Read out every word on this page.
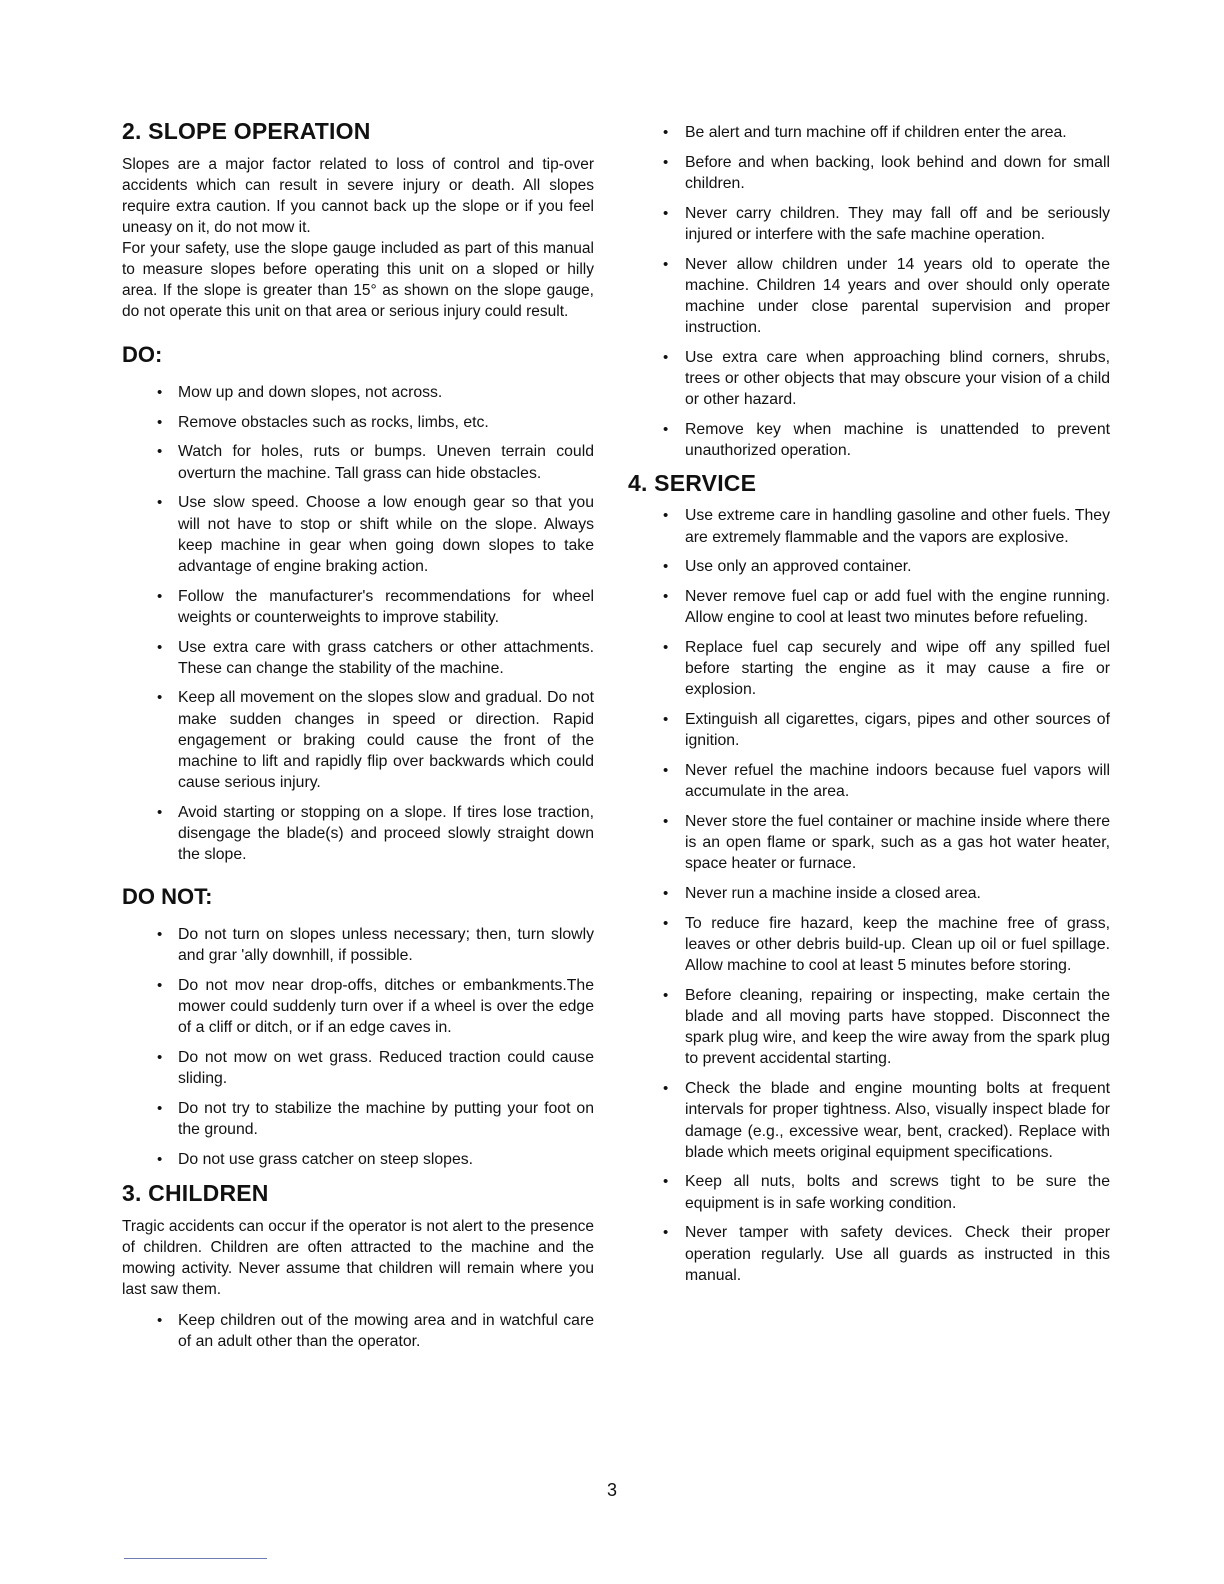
2. SLOPE OPERATION

Slopes are a major factor related to loss of control and tip-over accidents which can result in severe injury or death. All slopes require extra caution. If you cannot back up the slope or if you feel uneasy on it, do not mow it.

For your safety, use the slope gauge included as part of this manual to measure slopes before operating this unit on a sloped or hilly area. If the slope is greater than 15° as shown on the slope gauge, do not operate this unit on that area or serious injury could result.

DO:
• Mow up and down slopes, not across.
• Remove obstacles such as rocks, limbs, etc.
• Watch for holes, ruts or bumps. Uneven terrain could overturn the machine. Tall grass can hide obstacles.
• Use slow speed. Choose a low enough gear so that you will not have to stop or shift while on the slope. Always keep machine in gear when going down slopes to take advantage of engine braking action.
• Follow the manufacturer's recommendations for wheel weights or counterweights to improve stability.
• Use extra care with grass catchers or other attachments. These can change the stability of the machine.
• Keep all movement on the slopes slow and gradual. Do not make sudden changes in speed or direction. Rapid engagement or braking could cause the front of the machine to lift and rapidly flip over backwards which could cause serious injury.
• Avoid starting or stopping on a slope. If tires lose traction, disengage the blade(s) and proceed slowly straight down the slope.
DO NOT:
• Do not turn on slopes unless necessary; then, turn slowly and grar 'ally downhill, if possible.
• Do not mov near drop-offs, ditches or embankments.The mower could suddenly turn over if a wheel is over the edge of a cliff or ditch, or if an edge caves in.
• Do not mow on wet grass. Reduced traction could cause sliding.
• Do not try to stabilize the machine by putting your foot on the ground.
• Do not use grass catcher on steep slopes.
3. CHILDREN

Tragic accidents can occur if the operator is not alert to the presence of children. Children are often attracted to the machine and the mowing activity. Never assume that children will remain where you last saw them.

• Keep children out of the mowing area and in watchful care of an adult other than the operator.
• Be alert and turn machine off if children enter the area.
• Before and when backing, look behind and down for small children.
• Never carry children. They may fall off and be seriously injured or interfere with the safe machine operation.
• Never allow children under 14 years old to operate the machine. Children 14 years and over should only operate machine under close parental supervision and proper instruction.
• Use extra care when approaching blind corners, shrubs, trees or other objects that may obscure your vision of a child or other hazard.
• Remove key when machine is unattended to prevent unauthorized operation.
4. SERVICE
• Use extreme care in handling gasoline and other fuels. They are extremely flammable and the vapors are explosive.
• Use only an approved container.
• Never remove fuel cap or add fuel with the engine running. Allow engine to cool at least two minutes before refueling.
• Replace fuel cap securely and wipe off any spilled fuel before starting the engine as it may cause a fire or explosion.
• Extinguish all cigarettes, cigars, pipes and other sources of ignition.
• Never refuel the machine indoors because fuel vapors will accumulate in the area.
• Never store the fuel container or machine inside where there is an open flame or spark, such as a gas hot water heater, space heater or furnace.
• Never run a machine inside a closed area.
• To reduce fire hazard, keep the machine free of grass, leaves or other debris build-up. Clean up oil or fuel spillage. Allow machine to cool at least 5 minutes before storing.
• Before cleaning, repairing or inspecting, make certain the blade and all moving parts have stopped. Disconnect the spark plug wire, and keep the wire away from the spark plug to prevent accidental starting.
• Check the blade and engine mounting bolts at frequent intervals for proper tightness. Also, visually inspect blade for damage (e.g., excessive wear, bent, cracked). Replace with blade which meets original equipment specifications.
• Keep all nuts, bolts and screws tight to be sure the equipment is in safe working condition.
• Never tamper with safety devices. Check their proper operation regularly. Use all guards as instructed in this manual.
3
